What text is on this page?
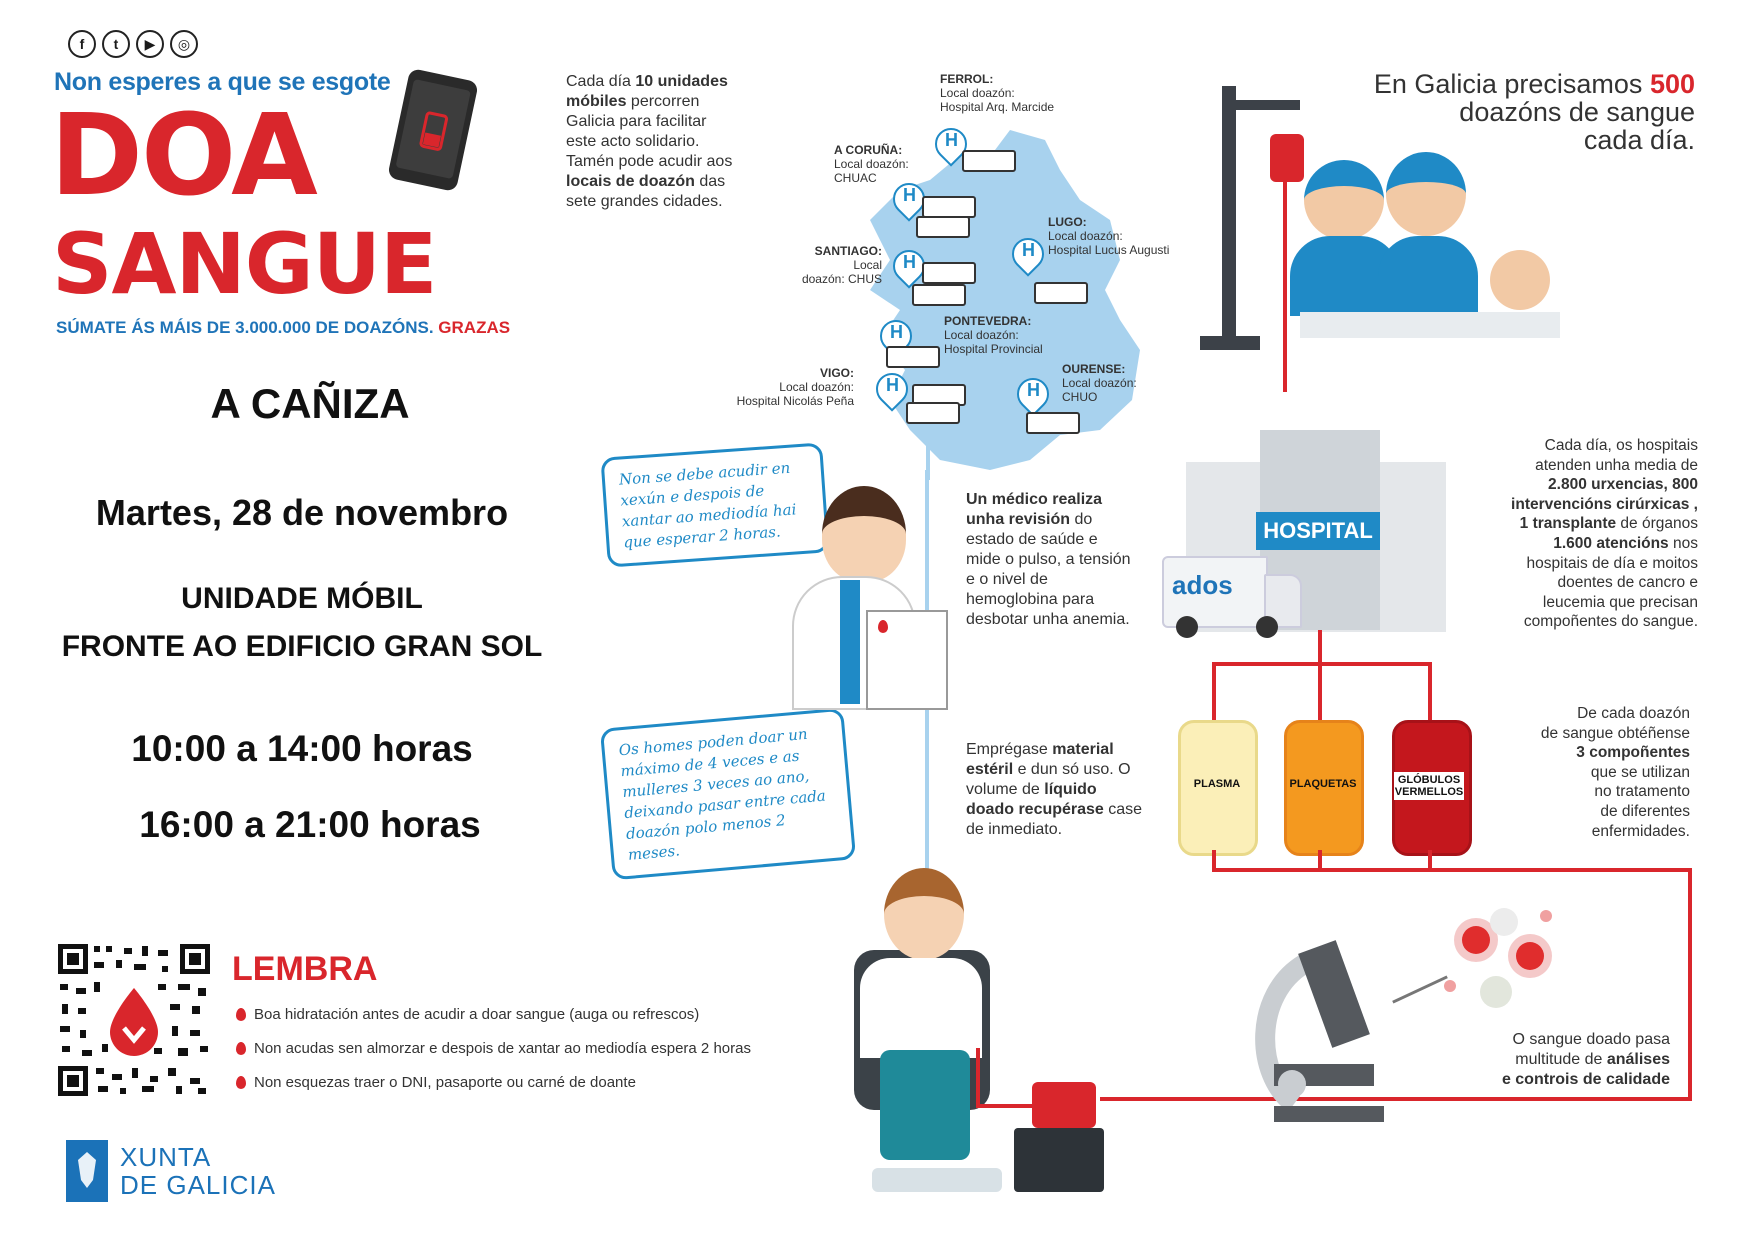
f	t	▶	◎
Non esperes a que se esgote
DOA
SANGUE
SÚMATE ÁS MÁIS DE 3.000.000 DE DOAZÓNS. GRAZAS
A CAÑIZA
Martes, 28 de novembro
UNIDADE MÓBIL
FRONTE AO EDIFICIO GRAN SOL
10:00 a 14:00 horas
16:00 a 21:00 horas
Cada día 10 unidades
móbiles percorren
Galicia para facilitar
este acto solidario.
Tamén pode acudir aos
locais de doazón das
sete grandes cidades.
H
H
H
H
H
H	H
FERROL:
Local doazón:
Hospital Arq. Marcide
A CORUÑA:
Local doazón:
CHUAC
LUGO:
Local doazón:
Hospital Lucus Augusti
SANTIAGO:
Local
doazón: CHUS
PONTEVEDRA:
Local doazón:
Hospital Provincial
VIGO:
Local doazón:
Hospital Nicolás Peña
OURENSE:
Local doazón:
CHUO
En Galicia precisamos 500
doazóns de sangue
cada día.
HOSPITAL
ados
Cada día, os hospitais
atenden unha media de
2.800 urxencias, 800
intervencións cirúrxicas ,
1 transplante de órganos
1.600 atencións nos
hospitais de día e moitos
doentes de cancro e
leucemia que precisan
compoñentes do sangue.
PLASMA	PLAQUETAS	GLÓBULOS
VERMELLOS
De cada doazón
de sangue obtéñense
3 compoñentes
que se utilizan
no tratamento
de diferentes
enfermidades.
O sangue doado pasa
multitude de análises
e controis de calidade
Non se debe acudir en xexún e despois de xantar ao mediodía hai que esperar 2 horas.
Os homes poden doar un máximo de 4 veces e as mulleres 3 veces ao ano, deixando pasar entre cada doazón polo menos 2 meses.
Un médico realiza unha revisión do estado de saúde e mide o pulso, a tensión e o nivel de hemoglobina para desbotar unha anemia.
Emprégase material estéril e dun só uso. O volume de líquido doado recupérase case de inmediato.
LEMBRA
Boa hidratación antes de acudir a doar sangue (auga ou refrescos)
Non acudas sen almorzar e despois de xantar ao mediodía espera 2 horas
Non esquezas traer o DNI, pasaporte ou carné de doante
XUNTA
DE GALICIA
